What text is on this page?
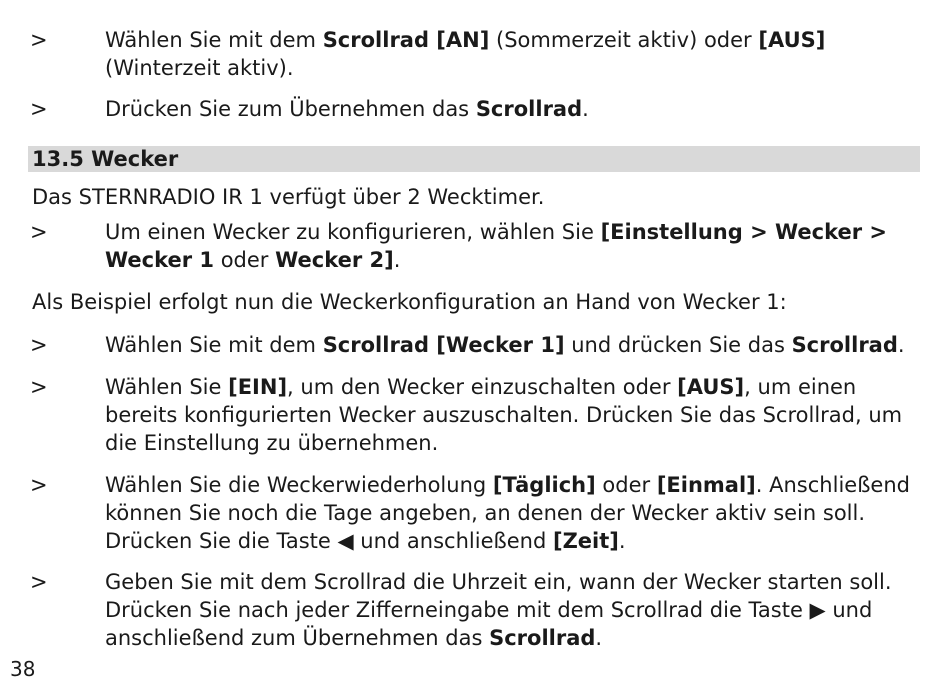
>	Wählen Sie mit dem Scrollrad [AN] (Sommerzeit aktiv) oder [AUS]
(Winterzeit aktiv).
>	Drücken Sie zum Übernehmen das Scrollrad.
13.5 Wecker
Das STERNRADIO IR 1 verfügt über 2 Wecktimer.
>	Um einen Wecker zu konfigurieren, wählen Sie [Einstellung > Wecker >
Wecker 1 oder Wecker 2].
Als Beispiel erfolgt nun die Weckerkonfiguration an Hand von Wecker 1:
>	Wählen Sie mit dem Scrollrad [Wecker 1] und drücken Sie das Scrollrad.
>	Wählen Sie [EIN], um den Wecker einzuschalten oder [AUS], um einen
bereits konfigurierten Wecker auszuschalten. Drücken Sie das Scrollrad, um
die Einstellung zu übernehmen.
>	Wählen Sie die Weckerwiederholung [Täglich] oder [Einmal]. Anschließend
können Sie noch die Tage angeben, an denen der Wecker aktiv sein soll.
Drücken Sie die Taste ◀ und anschließend [Zeit].
>	Geben Sie mit dem Scrollrad die Uhrzeit ein, wann der Wecker starten soll.
Drücken Sie nach jeder Zifferneingabe mit dem Scrollrad die Taste ▶ und
anschließend zum Übernehmen das Scrollrad.
38
